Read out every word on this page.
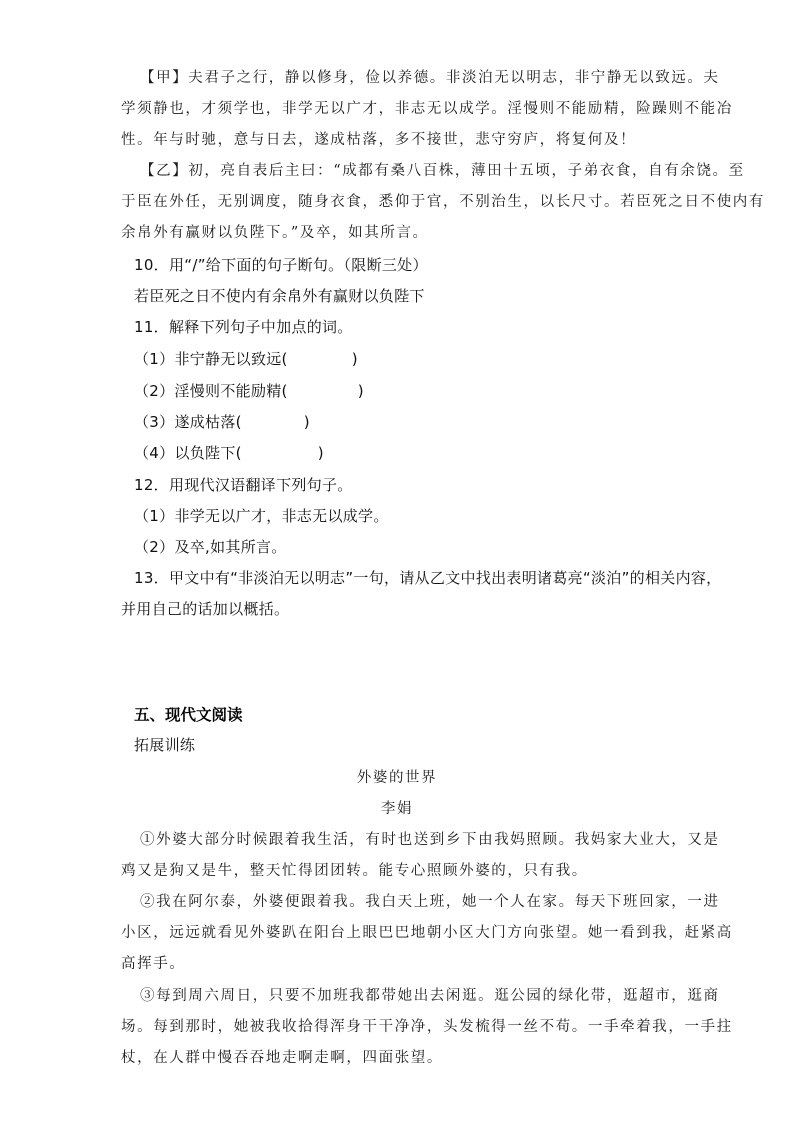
【甲】夫君子之行，静以修身，俭以养德。非淡泊无以明志，非宁静无以致远。夫

学须静也，才须学也，非学无以广才，非志无以成学。淫慢则不能励精，险躁则不能冶

性。年与时驰，意与日去，遂成枯落，多不接世，悲守穷庐，将复何及！

【乙】初，亮自表后主曰：“成都有桑八百株，薄田十五顷，子弟衣食，自有余饶。至

于臣在外任，无别调度，随身衣食，悉仰于官，不别治生，以长尺寸。若臣死之日不使内有

余帛外有赢财以负陛下。”及卒，如其所言。

10．用“/”给下面的句子断句。（限断三处）

若臣死之日不使内有余帛外有赢财以负陛下

11．解释下列句子中加点的词。

（1）非宁静无以致远(	)

（2）淫慢则不能励精(	)

（3）遂成枯落(	)

（4）以负陛下(	)

12．用现代汉语翻译下列句子。

（1）非学无以广才，非志无以成学。

（2）及卒,如其所言。

13．甲文中有“非淡泊无以明志”一句，请从乙文中找出表明诸葛亮“淡泊”的相关内容，

并用自己的话加以概括。

五、现代文阅读

拓展训练

外婆的世界

李娟

①外婆大部分时候跟着我生活，有时也送到乡下由我妈照顾。我妈家大业大，又是

鸡又是狗又是牛，整天忙得团团转。能专心照顾外婆的，只有我。

②我在阿尔泰，外婆便跟着我。我白天上班，她一个人在家。每天下班回家，一进

小区，远远就看见外婆趴在阳台上眼巴巴地朝小区大门方向张望。她一看到我，赶紧高

高挥手。

③每到周六周日，只要不加班我都带她出去闲逛。逛公园的绿化带，逛超市，逛商

场。每到那时，她被我收拾得浑身干干净净，头发梳得一丝不苟。一手牵着我，一手拄

杖，在人群中慢吞吞地走啊走啊，四面张望。
